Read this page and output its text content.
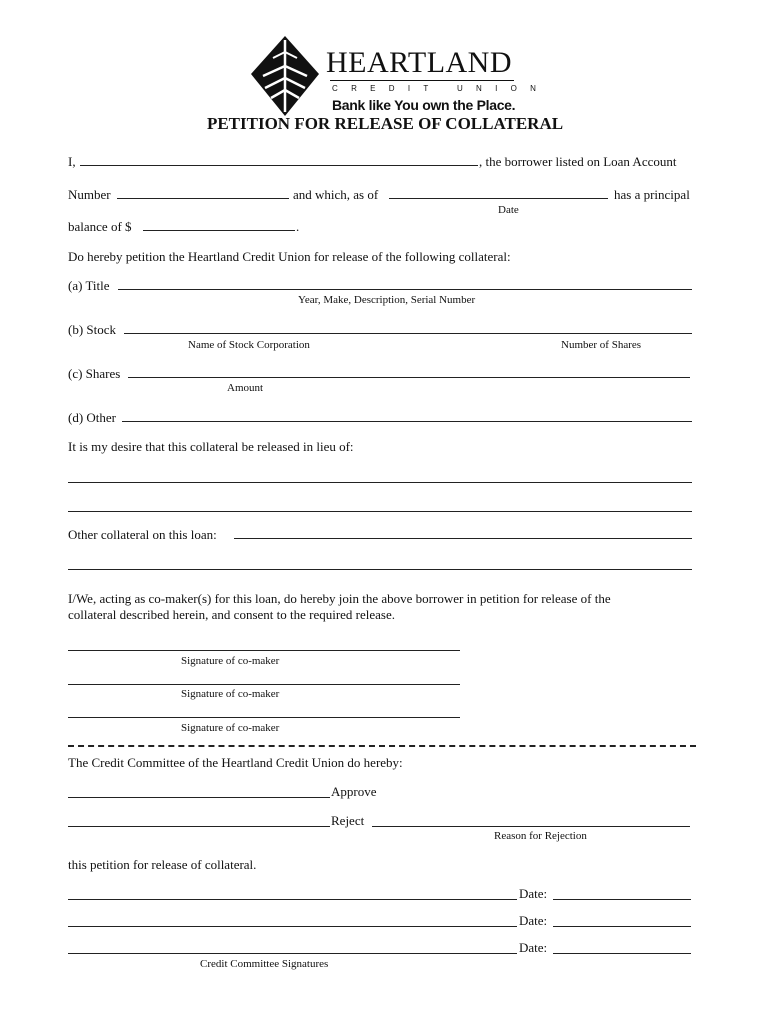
HEARTLAND
CREDIT UNION
Bank like You own the Place.
PETITION FOR RELEASE OF COLLATERAL
I,	, the borrower listed on Loan Account
Number	and which, as of	has a principal
Date
balance of $	.
Do hereby petition the Heartland Credit Union for release of the following collateral:
(a) Title
Year, Make, Description, Serial Number
(b) Stock
Name of Stock Corporation	Number of Shares
(c) Shares
Amount
(d) Other
It is my desire that this collateral be released in lieu of:
Other collateral on this loan:
I/We, acting as co-maker(s) for this loan, do hereby join the above borrower in petition for release of the
collateral described herein, and consent to the required release.
Signature of co-maker
Signature of co-maker
Signature of co-maker
The Credit Committee of the Heartland Credit Union do hereby:
Approve
Reject
Reason for Rejection
this petition for release of collateral.
Date:
Date:
Date:
Credit Committee Signatures
